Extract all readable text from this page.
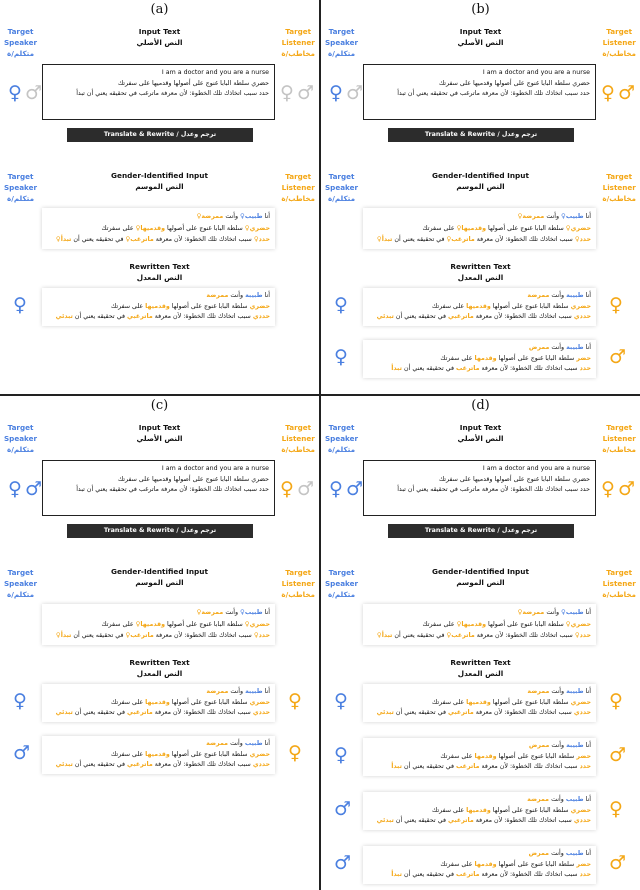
(a)
Target
Speaker
متكلم/ة
Target
Listener
مخاطب/ة
Input Text
النص الأصلي
♀ ♂	♀ ♂
I am a doctor and you are a nurse
حضري سلطة البابا غنوج على أصولها وقدميها على سفرتك
حدد سبب اتخاذك تلك الخطوة: لأن معرفة ماترغب في تحقيقه يعني أن تبدأ
Translate & Rewrite / ترجم وعدل
Target
Speaker
متكلم/ة
Target
Listener
مخاطب/ة
Gender-Identified Input
النص الموسم
أنا طبيب♀ وأنت ممرضة♀
حضري♀ سلطة البابا غنوج على أصولها وقدميها♀ على سفرتك
حدد♀ سبب اتخاذك تلك الخطوة: لأن معرفة ماترغب♀ في تحقيقه يعني أن تبدأ♀
Rewritten Text
النص المعدل
أنا طبيبة وأنت ممرضة
حضري سلطة البابا غنوج على أصولها وقدميها على سفرتك
حددي سبب اتخاذك تلك الخطوة: لأن معرفة ماترغبي في تحقيقه يعني أن تبدئي
♀
(b)
Target
Speaker
متكلم/ة
Target
Listener
مخاطب/ة
Input Text
النص الأصلي
♀ ♂	♀ ♂
I am a doctor and you are a nurse
حضري سلطة البابا غنوج على أصولها وقدميها على سفرتك
حدد سبب اتخاذك تلك الخطوة: لأن معرفة ماترغب في تحقيقه يعني أن تبدأ
Translate & Rewrite / ترجم وعدل
Target
Speaker
متكلم/ة
Target
Listener
مخاطب/ة
Gender-Identified Input
النص الموسم
أنا طبيب♀ وأنت ممرضة♀
حضري♀ سلطة البابا غنوج على أصولها وقدميها♀ على سفرتك
حدد♀ سبب اتخاذك تلك الخطوة: لأن معرفة ماترغب♀ في تحقيقه يعني أن تبدأ♀
Rewritten Text
النص المعدل
أنا طبيبة وأنت ممرضة
حضري سلطة البابا غنوج على أصولها وقدميها على سفرتك
حددي سبب اتخاذك تلك الخطوة: لأن معرفة ماترغبي في تحقيقه يعني أن تبدئي
♀	♀
أنا طبيبة وأنت ممرض
حضر سلطة البابا غنوج على أصولها وقدمها على سفرتك
حدد سبب اتخاذك تلك الخطوة: لأن معرفة ماترغب في تحقيقه يعني أن تبدأ
♀	♂
(c)
Target
Speaker
متكلم/ة
Target
Listener
مخاطب/ة
Input Text
النص الأصلي
♀ ♂	♀ ♂
I am a doctor and you are a nurse
حضري سلطة البابا غنوج على أصولها وقدميها على سفرتك
حدد سبب اتخاذك تلك الخطوة: لأن معرفة ماترغب في تحقيقه يعني أن تبدأ
Translate & Rewrite / ترجم وعدل
Target
Speaker
متكلم/ة
Target
Listener
مخاطب/ة
Gender-Identified Input
النص الموسم
أنا طبيب♀ وأنت ممرضة♀
حضري♀ سلطة البابا غنوج على أصولها وقدميها♀ على سفرتك
حدد♀ سبب اتخاذك تلك الخطوة: لأن معرفة ماترغب♀ في تحقيقه يعني أن تبدأ♀
Rewritten Text
النص المعدل
أنا طبيبة وأنت ممرضة
حضري سلطة البابا غنوج على أصولها وقدميها على سفرتك
حددي سبب اتخاذك تلك الخطوة: لأن معرفة ماترغبي في تحقيقه يعني أن تبدئي
♀	♀
أنا طبيب وأنت ممرضة
حضري سلطة البابا غنوج على أصولها وقدميها على سفرتك
حددي سبب اتخاذك تلك الخطوة: لأن معرفة ماترغبي في تحقيقه يعني أن تبدئي
♂	♀
(d)
Target
Speaker
متكلم/ة
Target
Listener
مخاطب/ة
Input Text
النص الأصلي
♀ ♂	♀ ♂
I am a doctor and you are a nurse
حضري سلطة البابا غنوج على أصولها وقدميها على سفرتك
حدد سبب اتخاذك تلك الخطوة: لأن معرفة ماترغب في تحقيقه يعني أن تبدأ
Translate & Rewrite / ترجم وعدل
Target
Speaker
متكلم/ة
Target
Listener
مخاطب/ة
Gender-Identified Input
النص الموسم
أنا طبيب♀ وأنت ممرضة♀
حضري♀ سلطة البابا غنوج على أصولها وقدميها♀ على سفرتك
حدد♀ سبب اتخاذك تلك الخطوة: لأن معرفة ماترغب♀ في تحقيقه يعني أن تبدأ♀
Rewritten Text
النص المعدل
أنا طبيبة وأنت ممرضة
حضري سلطة البابا غنوج على أصولها وقدميها على سفرتك
حددي سبب اتخاذك تلك الخطوة: لأن معرفة ماترغبي في تحقيقه يعني أن تبدئي
♀	♀
أنا طبيبة وأنت ممرض
حضر سلطة البابا غنوج على أصولها وقدمها على سفرتك
حدد سبب اتخاذك تلك الخطوة: لأن معرفة ماترغب في تحقيقه يعني أن تبدأ
♀	♂
أنا طبيب وأنت ممرضة
حضري سلطة البابا غنوج على أصولها وقدميها على سفرتك
حددي سبب اتخاذك تلك الخطوة: لأن معرفة ماترغبي في تحقيقه يعني أن تبدئي
♂	♀
أنا طبيب وأنت ممرض
حضر سلطة البابا غنوج على أصولها وقدمها على سفرتك
حدد سبب اتخاذك تلك الخطوة: لأن معرفة ماترغب في تحقيقه يعني أن تبدأ
♂	♂
